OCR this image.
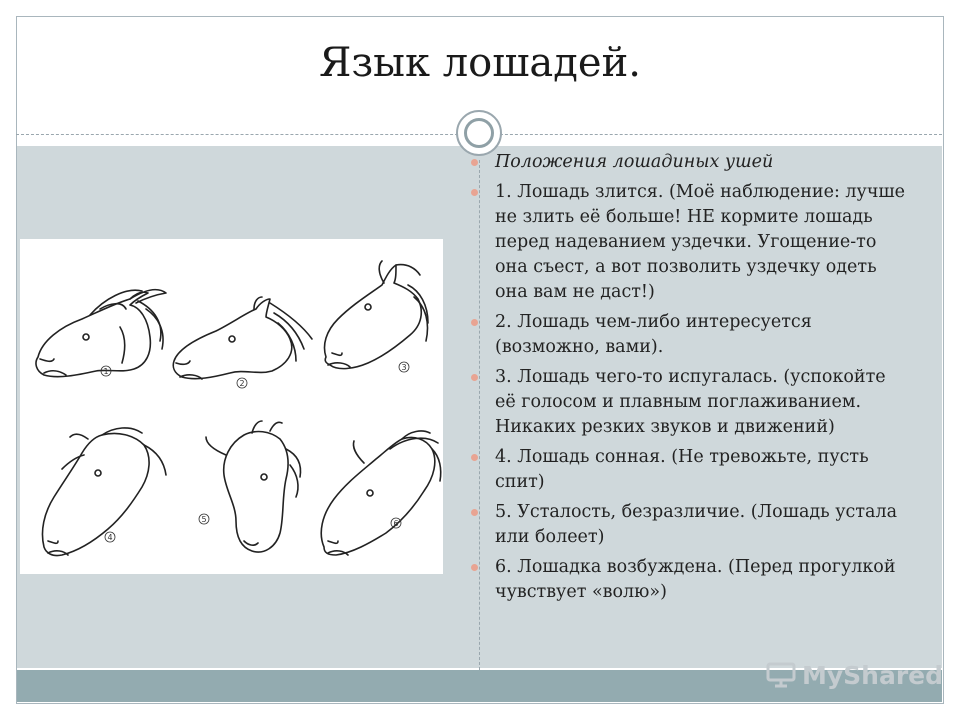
Язык лошадей.
1
2
3
4
5	6
Положения лошадиных ушей
1. Лошадь злится. (Моё наблюдение: лучше не злить её больше! НЕ кормите лошадь перед надеванием уздечки. Угощение-то она съест, а вот позволить уздечку одеть она вам не даст!)
2. Лошадь чем-либо интересуется (возможно, вами).
3. Лошадь чего-то испугалась. (успокойте её голосом и плавным поглаживанием. Никаких резких звуков и движений)
4. Лошадь сонная. (Не тревожьте, пусть спит)
5. Усталость, безразличие. (Лошадь устала или болеет)
6. Лошадка возбуждена. (Перед прогулкой чувствует «волю»)
MyShared
